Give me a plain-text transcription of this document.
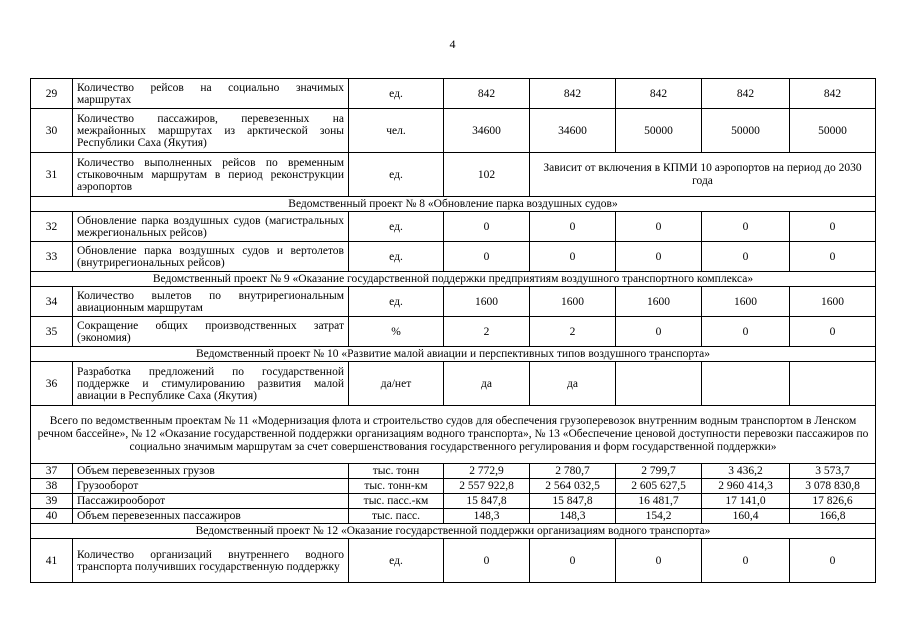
4
29	Количество рейсов на социально значимых маршрутах	ед.	842	842	842	842	842
30	Количество пассажиров, перевезенных на межрайонных маршрутах из арктической зоны Республики Саха (Якутия)	чел.	34600	34600	50000	50000	50000
31	Количество выполненных рейсов по временным стыковочным маршрутам в период реконструкции аэропортов	ед.	102	Зависит от включения в КПМИ 10 аэропортов на период до 2030 года			
Ведомственный проект № 8 «Обновление парка воздушных судов»							
32	Обновление парка воздушных судов (магистральных межрегиональных рейсов)	ед.	0	0	0	0	0
33	Обновление парка воздушных судов и вертолетов (внутрирегиональных рейсов)	ед.	0	0	0	0	0
Ведомственный проект № 9 «Оказание государственной поддержки предприятиям воздушного транспортного комплекса»							
34	Количество вылетов по внутрирегиональным авиационным маршрутам	ед.	1600	1600	1600	1600	1600
35	Сокращение общих производственных затрат (экономия)	%	2	2	0	0	0
Ведомственный проект № 10 «Развитие малой авиации и перспективных типов воздушного транспорта»							
36	Разработка предложений по государственной поддержке и стимулированию развития малой авиации в Республике Саха (Якутия)	да/нет	да	да			
Всего по ведомственным проектам № 11 «Модернизация флота и строительство судов для обеспечения грузоперевозок внутренним водным транспортом в Ленском речном бассейне», № 12 «Оказание государственной поддержки организациям водного транспорта», № 13 «Обеспечение ценовой доступности перевозки пассажиров по социально значимым маршрутам за счет совершенствования государственного регулирования и форм государственной поддержки»							
37	Объем перевезенных грузов	тыс. тонн	2 772,9	2 780,7	2 799,7	3 436,2	3 573,7
38	Грузооборот	тыс. тонн-км	2 557 922,8	2 564 032,5	2 605 627,5	2 960 414,3	3 078 830,8
39	Пассажирооборот	тыс. пасс.-км	15 847,8	15 847,8	16 481,7	17 141,0	17 826,6
40	Объем перевезенных пассажиров	тыс. пасс.	148,3	148,3	154,2	160,4	166,8
Ведомственный проект № 12 «Оказание государственной поддержки организациям водного транспорта»							
41	Количество организаций внутреннего водного транспорта получивших государственную поддержку	ед.	0	0	0	0	0
